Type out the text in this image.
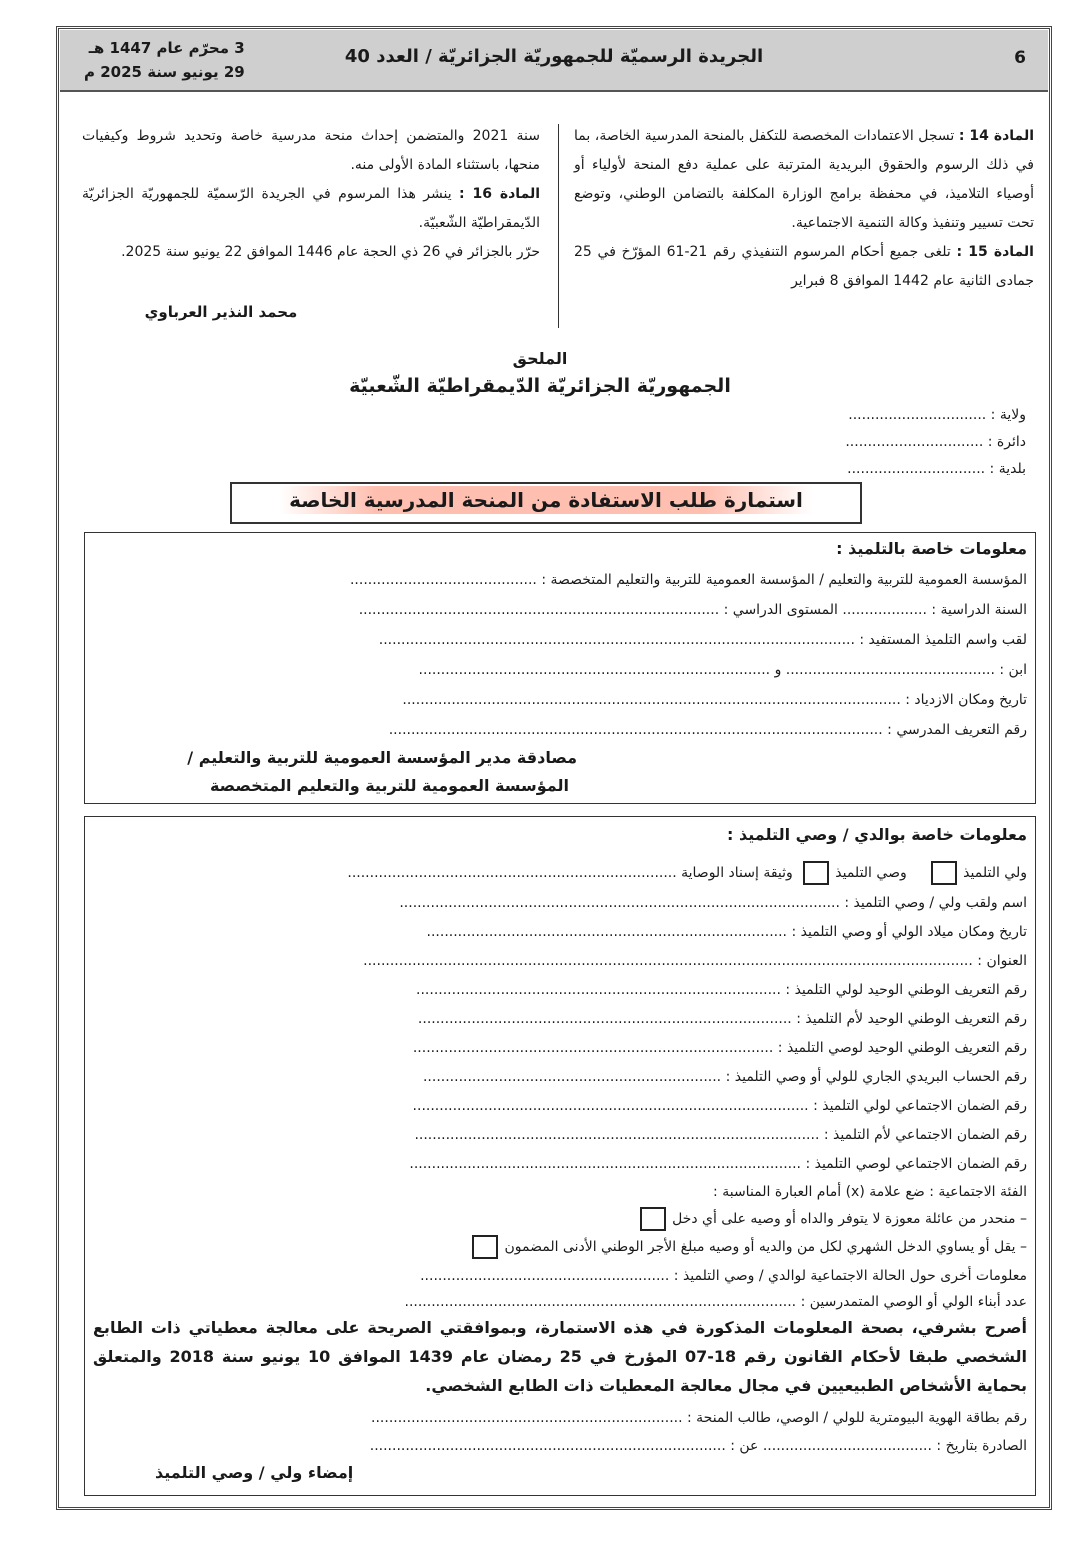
6
الجريدة الرسميّة للجمهوريّة الجزائريّة / العدد 40
3 محرّم عام 1447 هـ
29 يونيو سنة 2025 م

المادة 14 : تسجل الاعتمادات المخصصة للتكفل بالمنحة المدرسية الخاصة، بما في ذلك الرسوم والحقوق البريدية المترتبة على عملية دفع المنحة لأولياء أو أوصياء التلاميذ، في محفظة برامج الوزارة المكلفة بالتضامن الوطني، وتوضع تحت تسيير وتنفيذ وكالة التنمية الاجتماعية.

المادة 15 : تلغى جميع أحكام المرسوم التنفيذي رقم 21-61 المؤرّخ في 25 جمادى الثانية عام 1442 الموافق 8 فبراير

سنة 2021 والمتضمن إحداث منحة مدرسية خاصة وتحديد شروط وكيفيات منحها، باستثناء المادة الأولى منه.

المادة 16 : ينشر هذا المرسوم في الجريدة الرّسميّة للجمهوريّة الجزائريّة الدّيمقراطيّة الشّعبيّة.

حرّر بالجزائر في 26 ذي الحجة عام 1446 الموافق 22 يونيو سنة 2025.

محمد النذير العرباوي
الملحق
الجمهوريّة الجزائريّة الدّيمقراطيّة الشّعبيّة
ولاية : ...............................
دائرة : ...............................
بلدية : ...............................
استمارة طلب الاستفادة من المنحة المدرسية الخاصة
معلومات خاصة بالتلميذ :
المؤسسة العمومية للتربية والتعليم / المؤسسة العمومية للتربية والتعليم المتخصصة : ..........................................
السنة الدراسية : ................... المستوى الدراسي : .................................................................................
لقب واسم التلميذ المستفيد : ...........................................................................................................
ابن : ............................................... و ...............................................................................
تاريخ ومكان الازدياد : ................................................................................................................
رقم التعريف المدرسي : ...............................................................................................................
مصادقة مدير المؤسسة العمومية للتربية والتعليم /
المؤسسة العمومية للتربية والتعليم المتخصصة
معلومات خاصة بوالدي / وصي التلميذ :
ولي التلميذ وصي التلميذ وثيقة إسناد الوصاية ..........................................................................
اسم ولقب ولي / وصي التلميذ : ...................................................................................................
تاريخ ومكان ميلاد الولي أو وصي التلميذ : .................................................................................
العنوان : .........................................................................................................................................
رقم التعريف الوطني الوحيد لولي التلميذ : ..................................................................................
رقم التعريف الوطني الوحيد لأم التلميذ : ....................................................................................
رقم التعريف الوطني الوحيد لوصي التلميذ : .................................................................................
رقم الحساب البريدي الجاري للولي أو وصي التلميذ : ...................................................................
رقم الضمان الاجتماعي لولي التلميذ : .........................................................................................
رقم الضمان الاجتماعي لأم التلميذ : ...........................................................................................
رقم الضمان الاجتماعي لوصي التلميذ : ........................................................................................
الفئة الاجتماعية : ضع علامة (x) أمام العبارة المناسبة :
– منحدر من عائلة معوزة لا يتوفر والداه أو وصيه على أي دخل
– يقل أو يساوي الدخل الشهري لكل من والديه أو وصيه مبلغ الأجر الوطني الأدنى المضمون
معلومات أخرى حول الحالة الاجتماعية لوالدي / وصي التلميذ : ........................................................
عدد أبناء الولي أو الوصي المتمدرسين : ........................................................................................
أصرح بشرفي، بصحة المعلومات المذكورة في هذه الاستمارة، وبموافقتي الصريحة على معالجة معطياتي ذات الطابع الشخصي طبقا لأحكام القانون رقم 18-07 المؤرخ في 25 رمضان عام 1439 الموافق 10 يونيو سنة 2018 والمتعلق بحماية الأشخاص الطبيعيين في مجال معالجة المعطيات ذات الطابع الشخصي.
رقم بطاقة الهوية البيومترية للولي / الوصي، طالب المنحة : ......................................................................
الصادرة بتاريخ : ...................................... عن : ................................................................................
إمضاء ولي / وصي التلميذ
